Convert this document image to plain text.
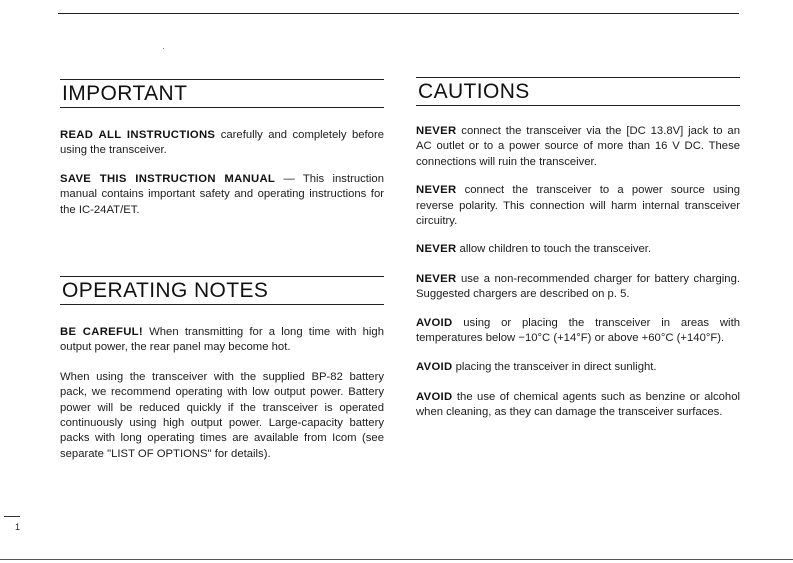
IMPORTANT

READ ALL INSTRUCTIONS carefully and completely before using the transceiver.

SAVE THIS INSTRUCTION MANUAL — This instruction manual contains important safety and operating instructions for the IC-24AT/ET.

OPERATING NOTES

BE CAREFUL! When transmitting for a long time with high output power, the rear panel may become hot.

When using the transceiver with the supplied BP-82 battery pack, we recommend operating with low output power. Battery power will be reduced quickly if the transceiver is operated continuously using high output power. Large-capacity battery packs with long operating times are available from Icom (see separate "LIST OF OPTIONS" for details).

CAUTIONS

NEVER connect the transceiver via the [DC 13.8V] jack to an AC outlet or to a power source of more than 16 V DC. These connections will ruin the transceiver.

NEVER connect the transceiver to a power source using reverse polarity. This connection will harm internal transceiver circuitry.

NEVER allow children to touch the transceiver.

NEVER use a non-recommended charger for battery charging. Suggested chargers are described on p. 5.

AVOID using or placing the transceiver in areas with temperatures below −10°C (+14°F) or above +60°C (+140°F).

AVOID placing the transceiver in direct sunlight.

AVOID the use of chemical agents such as benzine or alcohol when cleaning, as they can damage the transceiver surfaces.

1
